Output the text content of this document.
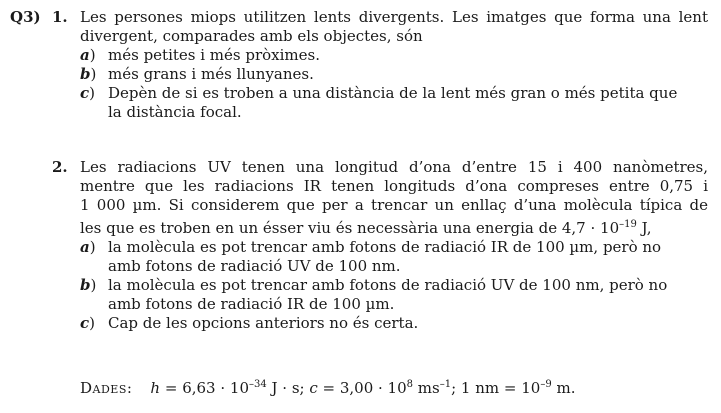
Q3) 1. Les persones miops utilitzen lents divergents. Les imatges que forma una lent
divergent, comparades amb els objectes, són
a) més petites i més pròximes.
b) més grans i més llunyanes.
c) Depèn de si es troben a una distància de la lent més gran o més petita que
la distància focal.
2. Les radiacions UV tenen una longitud d’ona d’entre 15 i 400 nanòmetres,
mentre que les radiacions IR tenen longituds d’ona compreses entre 0,75 i
1 000 µm. Si considerem que per a trencar un enllaç d’una molècula típica de
les que es troben en un ésser viu és necessària una energia de $4,7 \cdot 10^{-19}$ J,
a) la molècula es pot trencar amb fotons de radiació IR de 100 µm, però no
amb fotons de radiació UV de 100 nm.
b) la molècula es pot trencar amb fotons de radiació UV de 100 nm, però no
amb fotons de radiació IR de 100 µm.
c) Cap de les opcions anteriors no és certa.
Dades: $h = 6,63 \cdot 10^{-34}$ J · s; $c = 3,00 \cdot 10^8$ $ms^{-1}$; 1 nm = $10^{-9}$ m.
